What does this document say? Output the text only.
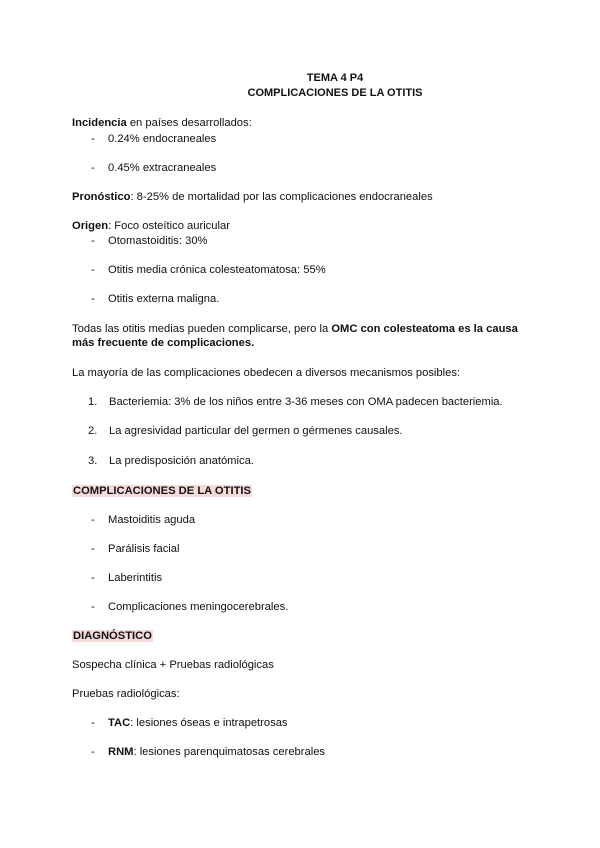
TEMA 4 P4
COMPLICACIONES DE LA OTITIS
Incidencia en países desarrollados:
- 0.24% endocraneales
- 0.45% extracraneales
Pronóstico: 8-25% de mortalidad por las complicaciones endocraneales
Origen: Foco osteítico auricular
- Otomastoiditis: 30%
- Otitis media crónica colesteatomatosa: 55%
- Otitis externa maligna.
Todas las otitis medias pueden complicarse, pero la OMC con colesteatoma es la causa
más frecuente de complicaciones.
La mayoría de las complicaciones obedecen a diversos mecanismos posibles:
1. Bacteriemia: 3% de los niños entre 3-36 meses con OMA padecen bacteriemia.
2. La agresividad particular del germen o gérmenes causales.
3. La predisposición anatómica.
COMPLICACIONES DE LA OTITIS
- Mastoiditis aguda
- Parálisis facial
- Laberintitis
- Complicaciones meningocerebrales.
DIAGNÓSTICO
Sospecha clínica + Pruebas radiológicas
Pruebas radiológicas:
- TAC: lesiones óseas e intrapetrosas
- RNM: lesiones parenquimatosas cerebrales
